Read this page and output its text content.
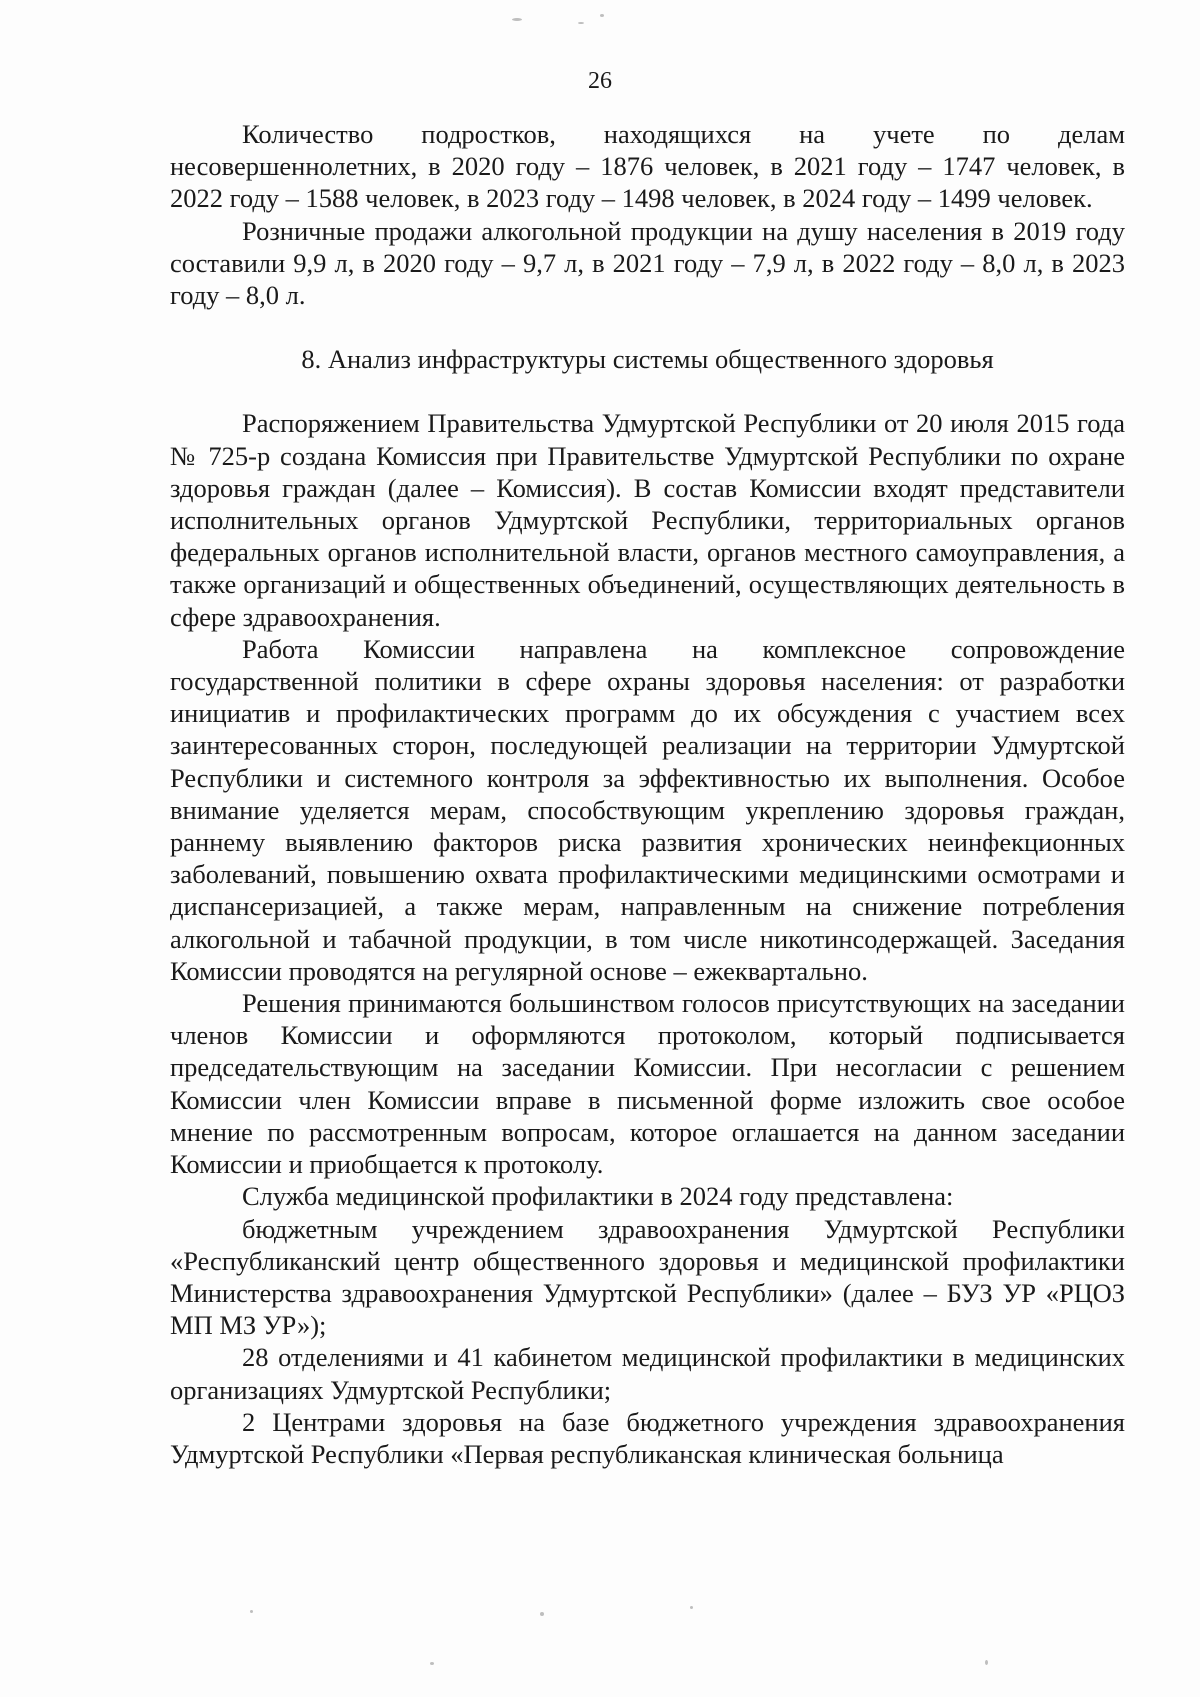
26

Количество подростков, находящихся на учете по делам несовершеннолетних, в 2020 году – 1876 человек, в 2021 году – 1747 человек, в 2022 году – 1588 человек, в 2023 году – 1498 человек, в 2024 году – 1499 человек.

Розничные продажи алкогольной продукции на душу населения в 2019 году составили 9,9 л, в 2020 году – 9,7 л, в 2021 году – 7,9 л, в 2022 году – 8,0 л, в 2023 году – 8,0 л.

8. Анализ инфраструктуры системы общественного здоровья

Распоряжением Правительства Удмуртской Республики от 20 июля 2015 года № 725-р создана Комиссия при Правительстве Удмуртской Республики по охране здоровья граждан (далее – Комиссия). В состав Комиссии входят представители исполнительных органов Удмуртской Республики, территориальных органов федеральных органов исполнительной власти, органов местного самоуправления, а также организаций и общественных объединений, осуществляющих деятельность в сфере здравоохранения.

Работа Комиссии направлена на комплексное сопровождение государственной политики в сфере охраны здоровья населения: от разработки инициатив и профилактических программ до их обсуждения с участием всех заинтересованных сторон, последующей реализации на территории Удмуртской Республики и системного контроля за эффективностью их выполнения. Особое внимание уделяется мерам, способствующим укреплению здоровья граждан, раннему выявлению факторов риска развития хронических неинфекционных заболеваний, повышению охвата профилактическими медицинскими осмотрами и диспансеризацией, а также мерам, направленным на снижение потребления алкогольной и табачной продукции, в том числе никотинсодержащей. Заседания Комиссии проводятся на регулярной основе – ежеквартально.

Решения принимаются большинством голосов присутствующих на заседании членов Комиссии и оформляются протоколом, который подписывается председательствующим на заседании Комиссии. При несогласии с решением Комиссии член Комиссии вправе в письменной форме изложить свое особое мнение по рассмотренным вопросам, которое оглашается на данном заседании Комиссии и приобщается к протоколу.

Служба медицинской профилактики в 2024 году представлена:

бюджетным учреждением здравоохранения Удмуртской Республики «Республиканский центр общественного здоровья и медицинской профилактики Министерства здравоохранения Удмуртской Республики» (далее – БУЗ УР «РЦОЗ МП МЗ УР»);

28 отделениями и 41 кабинетом медицинской профилактики в медицинских организациях Удмуртской Республики;

2 Центрами здоровья на базе бюджетного учреждения здравоохранения Удмуртской Республики «Первая республиканская клиническая больница
